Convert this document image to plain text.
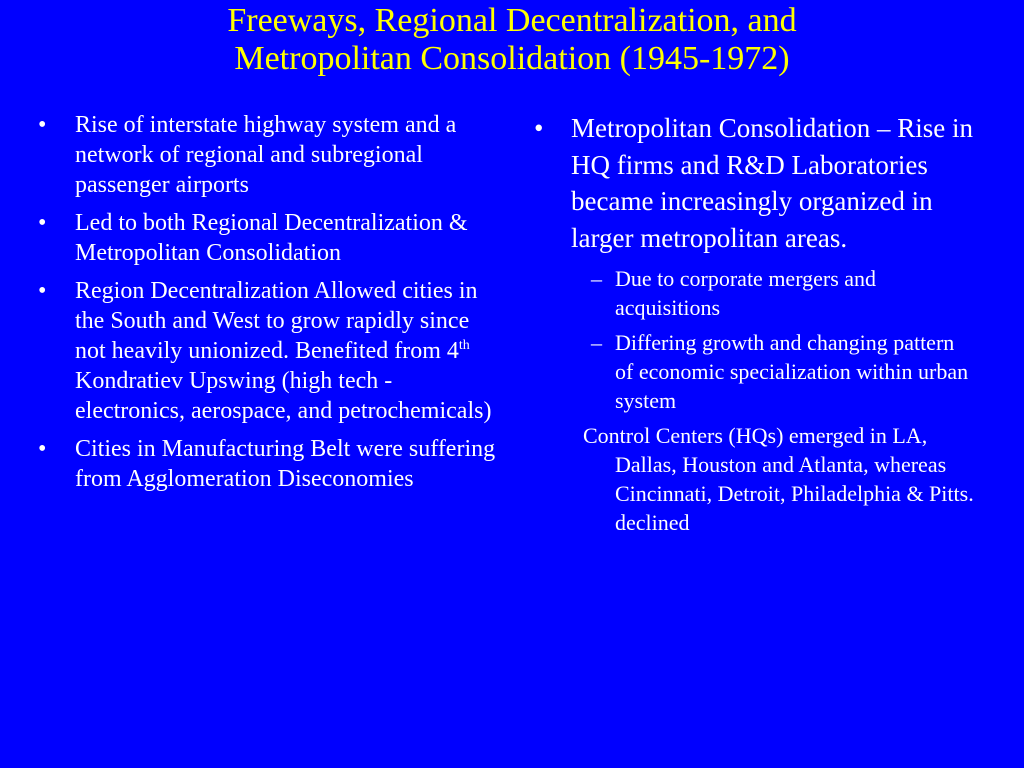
Freeways, Regional Decentralization, and
Metropolitan Consolidation (1945-1972)
• Rise of interstate highway system and a network of regional and subregional passenger airports
• Led to both Regional Decentralization & Metropolitan Consolidation
• Region Decentralization Allowed cities in the South and West to grow rapidly since not heavily unionized. Benefited from 4th Kondratiev Upswing (high tech - electronics, aerospace, and petrochemicals)
• Cities in Manufacturing Belt were suffering from Agglomeration Diseconomies
• Metropolitan Consolidation – Rise in HQ firms and R&D Laboratories became increasingly organized in larger metropolitan areas.
– Due to corporate mergers and acquisitions
– Differing growth and changing pattern of economic specialization within urban system
Control Centers (HQs) emerged in LA, Dallas, Houston and Atlanta, whereas Cincinnati, Detroit, Philadelphia & Pitts. declined
